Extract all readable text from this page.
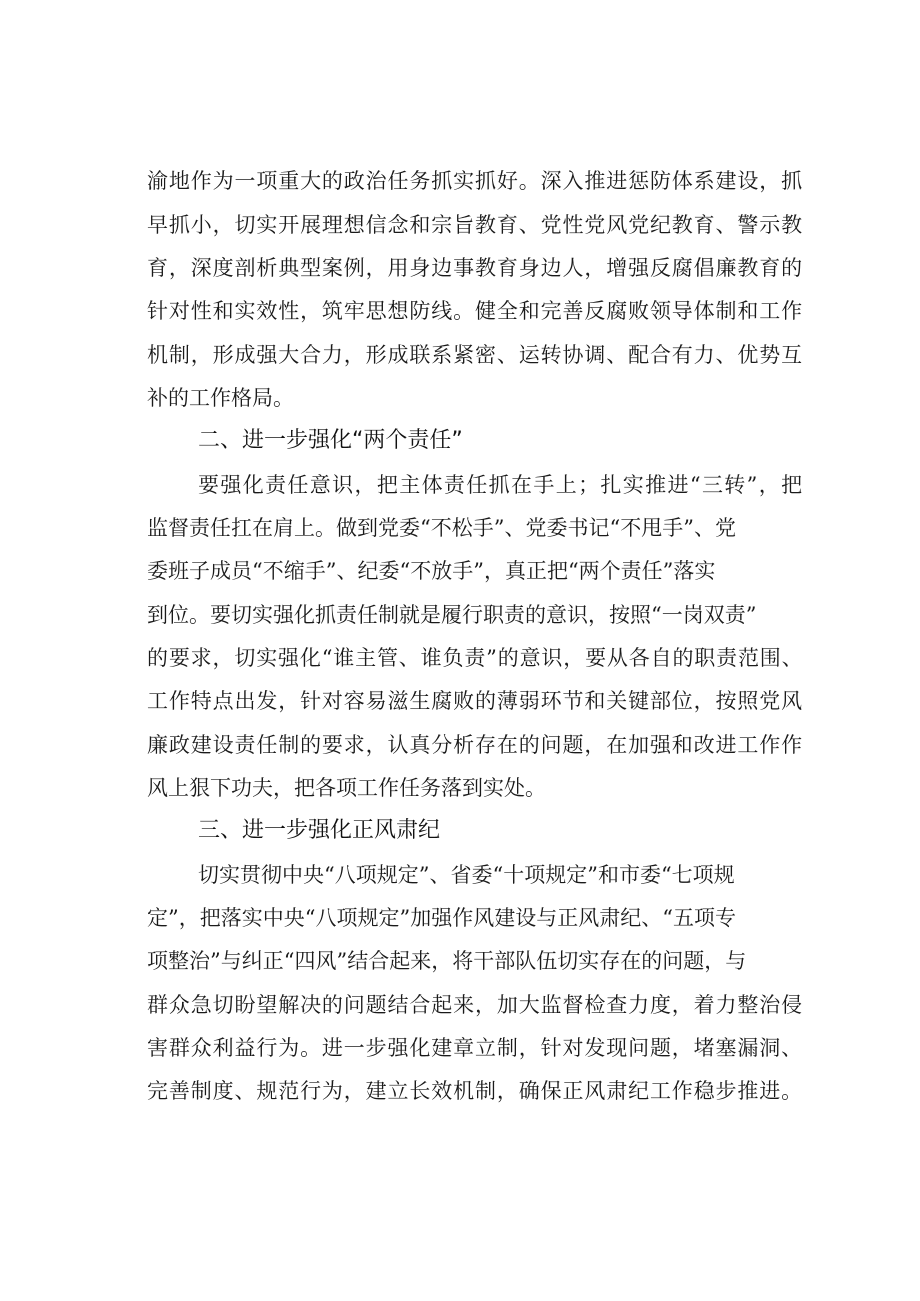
渝地作为一项重大的政治任务抓实抓好。深入推进惩防体系建设，抓
早抓小，切实开展理想信念和宗旨教育、党性党风党纪教育、警示教
育，深度剖析典型案例，用身边事教育身边人，增强反腐倡廉教育的
针对性和实效性，筑牢思想防线。健全和完善反腐败领导体制和工作
机制，形成强大合力，形成联系紧密、运转协调、配合有力、优势互
补的工作格局。
二、进一步强化“两个责任”
要强化责任意识，把主体责任抓在手上；扎实推进“三转”，把
监督责任扛在肩上。做到党委“不松手”、党委书记“不甩手”、党
委班子成员“不缩手”、纪委“不放手”，真正把“两个责任”落实
到位。要切实强化抓责任制就是履行职责的意识，按照“一岗双责”
的要求，切实强化“谁主管、谁负责”的意识，要从各自的职责范围、
工作特点出发，针对容易滋生腐败的薄弱环节和关键部位，按照党风
廉政建设责任制的要求，认真分析存在的问题，在加强和改进工作作
风上狠下功夫，把各项工作任务落到实处。
三、进一步强化正风肃纪
切实贯彻中央“八项规定”、省委“十项规定”和市委“七项规
定”，把落实中央“八项规定”加强作风建设与正风肃纪、“五项专
项整治”与纠正“四风”结合起来，将干部队伍切实存在的问题，与
群众急切盼望解决的问题结合起来，加大监督检查力度，着力整治侵
害群众利益行为。进一步强化建章立制，针对发现问题，堵塞漏洞、
完善制度、规范行为，建立长效机制，确保正风肃纪工作稳步推进。
